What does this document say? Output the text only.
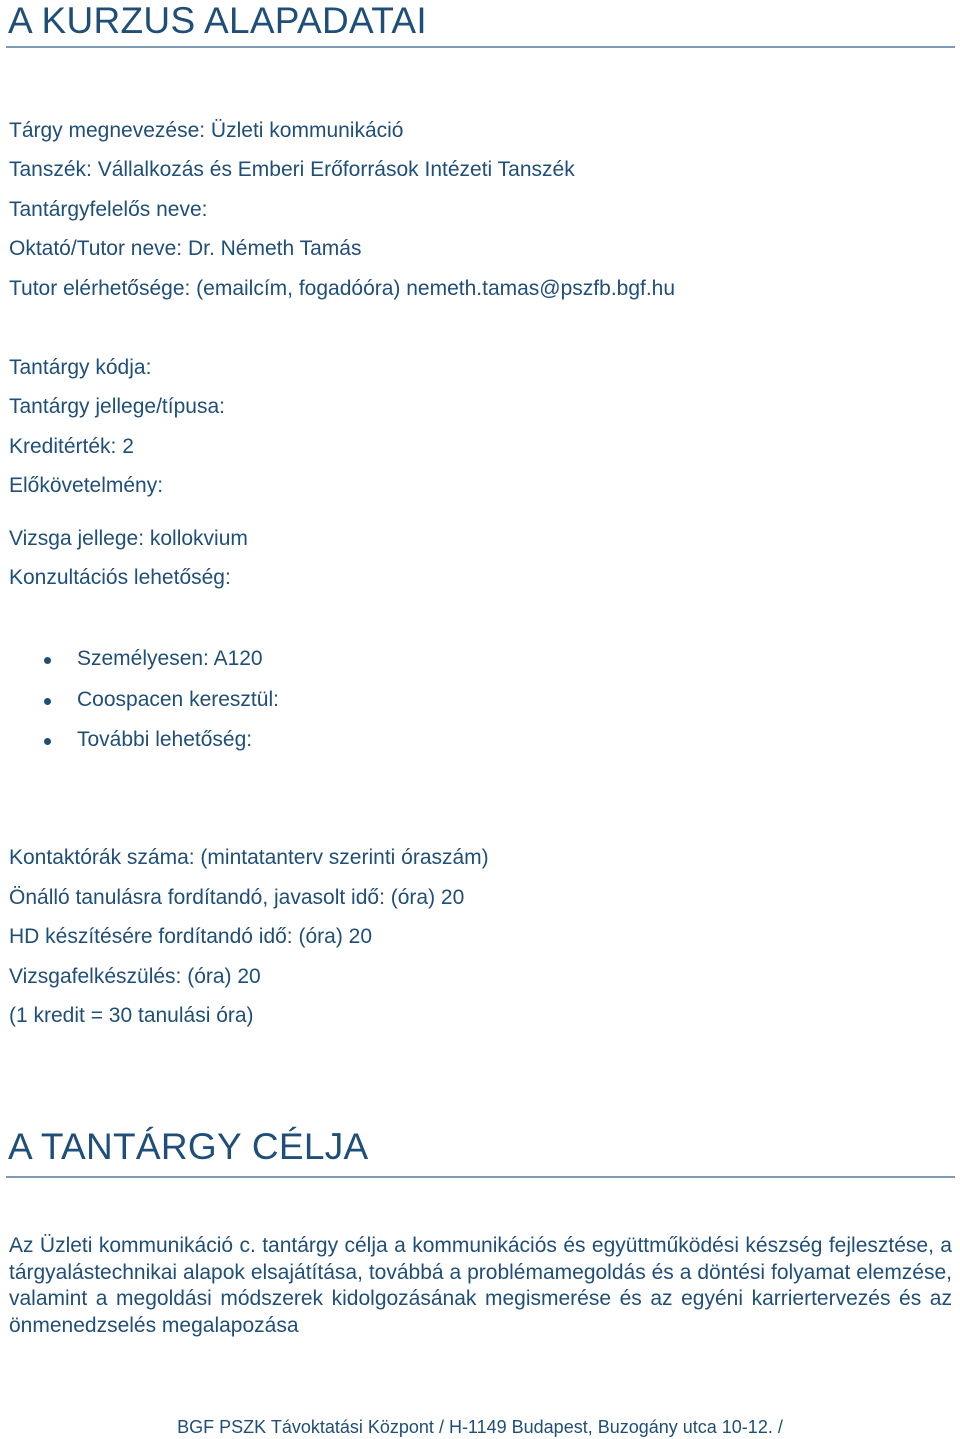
A KURZUS ALAPADATAI
Tárgy megnevezése: Üzleti kommunikáció
Tanszék: Vállalkozás és Emberi Erőforrások Intézeti Tanszék
Tantárgyfelelős neve:
Oktató/Tutor neve: Dr. Németh Tamás
Tutor elérhetősége: (emailcím, fogadóóra) nemeth.tamas@pszfb.bgf.hu
Tantárgy kódja:
Tantárgy jellege/típusa:
Kreditérték: 2
Előkövetelmény:
Vizsga jellege: kollokvium
Konzultációs lehetőség:
Személyesen: A120
Coospacen keresztül:
További lehetőség:
Kontaktórák száma: (mintatanterv szerinti óraszám)
Önálló tanulásra fordítandó, javasolt idő: (óra) 20
HD készítésére fordítandó idő: (óra) 20
Vizsgafelkészülés: (óra) 20
(1 kredit = 30 tanulási óra)
A TANTÁRGY CÉLJA
Az Üzleti kommunikáció c. tantárgy célja a kommunikációs és együttműködési készség fejlesztése, a tárgyalástechnikai alapok elsajátítása, továbbá a problémamegoldás és a döntési folyamat elemzése, valamint a megoldási módszerek kidolgozásának megismerése és az egyéni karriertervezés és az önmenedzselés megalapozása
BGF PSZK Távoktatási Központ / H-1149 Budapest, Buzogány utca 10-12. /
